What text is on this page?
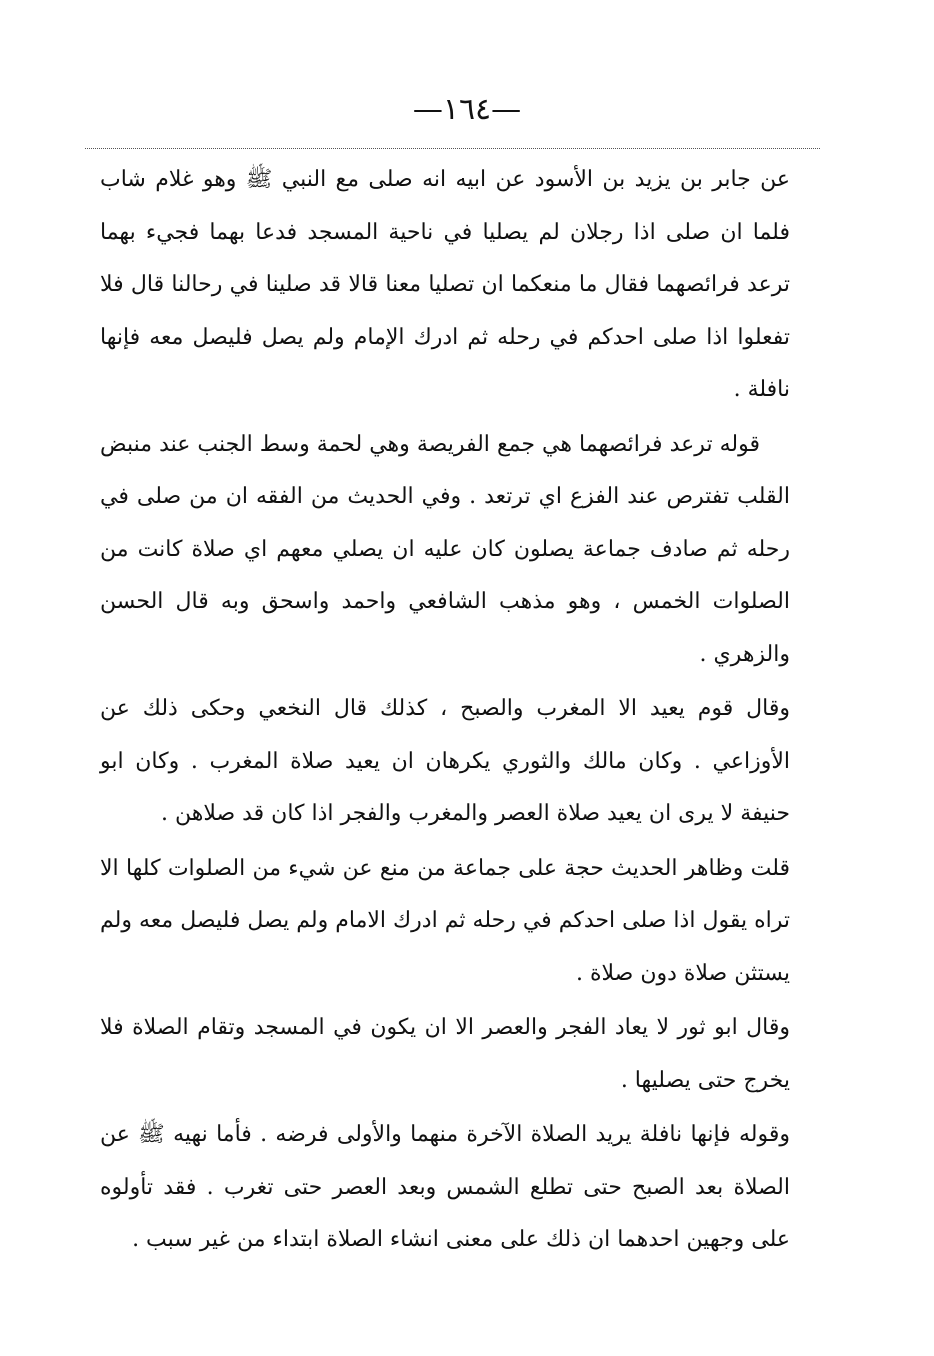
—١٦٤—

عن جابر بن يزيد بن الأسود عن ابيه انه صلى مع النبي ﷺ وهو غلام شاب فلما ان صلى اذا رجلان لم يصليا في ناحية المسجد فدعا بهما فجيء بهما ترعد فرائصهما فقال ما منعكما ان تصليا معنا قالا قد صلينا في رحالنا قال فلا تفعلوا اذا صلى احدكم في رحله ثم ادرك الإمام ولم يصل فليصل معه فإنها نافلة .

قوله ترعد فرائصهما هي جمع الفريصة وهي لحمة وسط الجنب عند منبض القلب تفترص عند الفزع اي ترتعد . وفي الحديث من الفقه ان من صلى في رحله ثم صادف جماعة يصلون كان عليه ان يصلي معهم اي صلاة كانت من الصلوات الخمس ، وهو مذهب الشافعي واحمد واسحق وبه قال الحسن والزهري .

وقال قوم يعيد الا المغرب والصبح ، كذلك قال النخعي وحكى ذلك عن الأوزاعي . وكان مالك والثوري يكرهان ان يعيد صلاة المغرب . وكان ابو حنيفة لا يرى ان يعيد صلاة العصر والمغرب والفجر اذا كان قد صلاهن .

قلت وظاهر الحديث حجة على جماعة من منع عن شيء من الصلوات كلها الا تراه يقول اذا صلى احدكم في رحله ثم ادرك الامام ولم يصل فليصل معه ولم يستثن صلاة دون صلاة .

وقال ابو ثور لا يعاد الفجر والعصر الا ان يكون في المسجد وتقام الصلاة فلا يخرج حتى يصليها .

وقوله فإنها نافلة يريد الصلاة الآخرة منهما والأولى فرضه . فأما نهيه ﷺ عن الصلاة بعد الصبح حتى تطلع الشمس وبعد العصر حتى تغرب . فقد تأولوه على وجهين احدهما ان ذلك على معنى انشاء الصلاة ابتداء من غير سبب .
